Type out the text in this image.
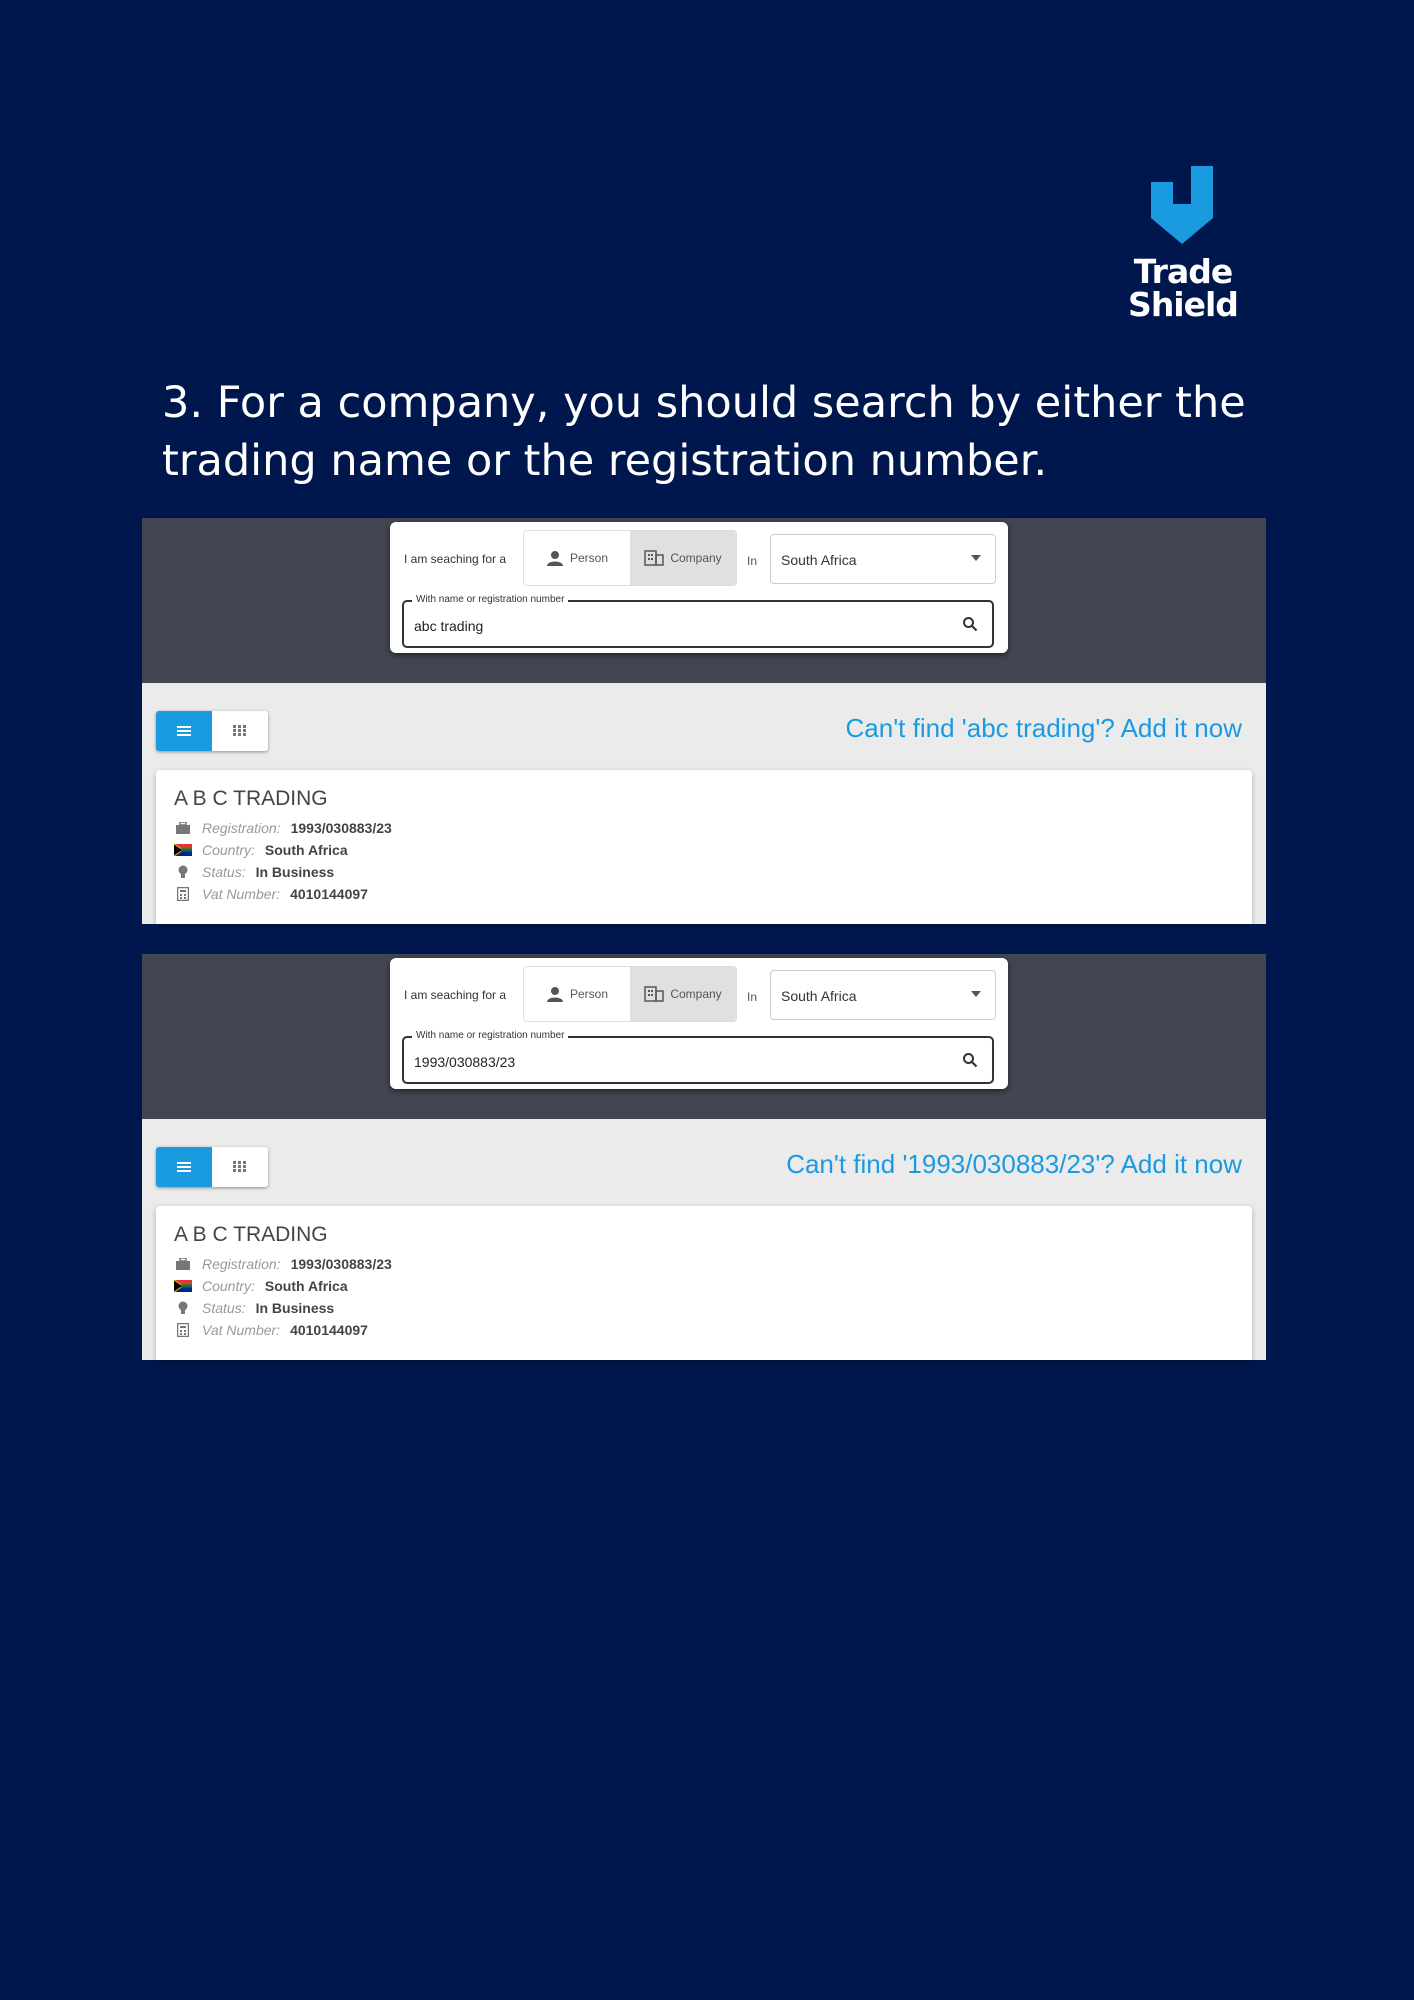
Trade
Shield
3. For a company, you should search by either the trading name or the registration number.
I am seaching for a	Person	Company In South Africa
With name or registration number
abc trading
Can't find 'abc trading'? Add it now
A B C TRADING
Registration: 1993/030883/23
Country: South Africa
Status: In Business
Vat Number: 4010144097
I am seaching for a	Person	Company In South Africa
With name or registration number
1993/030883/23
Can't find '1993/030883/23'? Add it now
A B C TRADING
Registration: 1993/030883/23
Country: South Africa
Status: In Business
Vat Number: 4010144097
